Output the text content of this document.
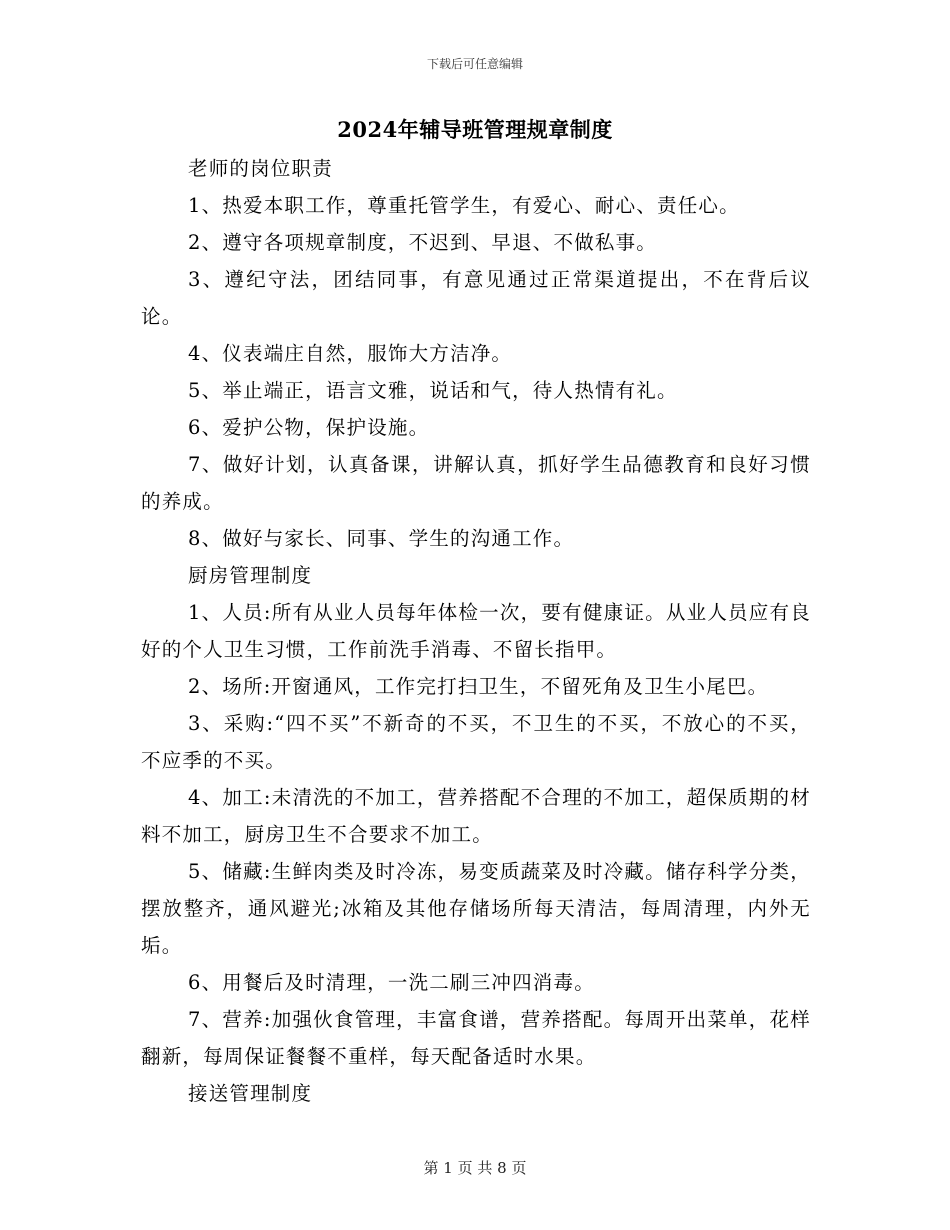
下载后可任意编辑
2024年辅导班管理规章制度

老师的岗位职责

1、热爱本职工作，尊重托管学生，有爱心、耐心、责任心。

2、遵守各项规章制度，不迟到、早退、不做私事。

3、遵纪守法，团结同事，有意见通过正常渠道提出，不在背后议论。

4、仪表端庄自然，服饰大方洁净。

5、举止端正，语言文雅，说话和气，待人热情有礼。

6、爱护公物，保护设施。

7、做好计划，认真备课，讲解认真，抓好学生品德教育和良好习惯的养成。

8、做好与家长、同事、学生的沟通工作。

厨房管理制度

1、人员:所有从业人员每年体检一次，要有健康证。从业人员应有良好的个人卫生习惯，工作前洗手消毒、不留长指甲。

2、场所:开窗通风，工作完打扫卫生，不留死角及卫生小尾巴。

3、采购:“四不买”不新奇的不买，不卫生的不买，不放心的不买，不应季的不买。

4、加工:未清洗的不加工，营养搭配不合理的不加工，超保质期的材料不加工，厨房卫生不合要求不加工。

5、储藏:生鲜肉类及时冷冻，易变质蔬菜及时冷藏。储存科学分类，摆放整齐，通风避光;冰箱及其他存储场所每天清洁，每周清理，内外无垢。

6、用餐后及时清理，一洗二刷三冲四消毒。

7、营养:加强伙食管理，丰富食谱，营养搭配。每周开出菜单，花样翻新，每周保证餐餐不重样，每天配备适时水果。

接送管理制度

第 1 页 共 8 页
